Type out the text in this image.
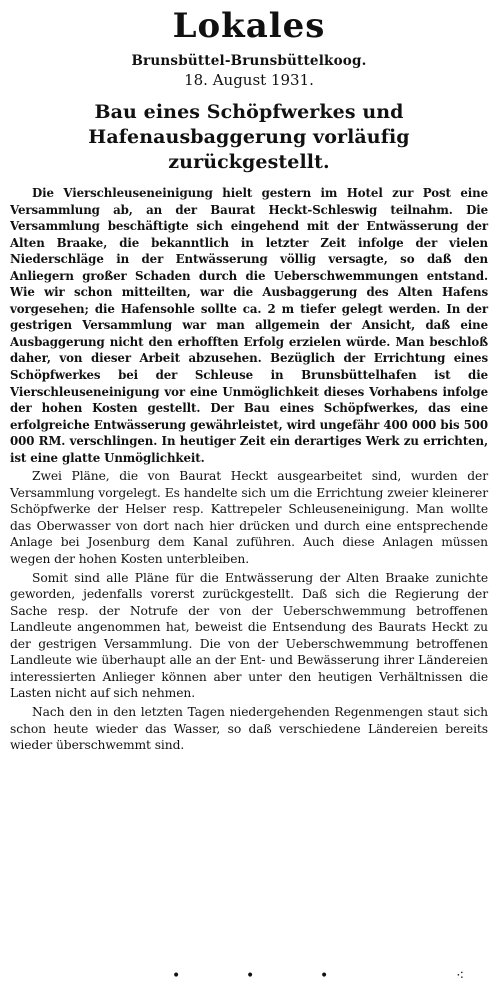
Lokales
Brunsbüttel-Brunsbüttelkoog.
18. August 1931.
Bau eines Schöpfwerkes und
Hafenausbaggerung vorläufig zurückgestellt.

Die Vierschleuseneinigung hielt gestern im Hotel zur Post eine Versammlung ab, an der Baurat Heckt-Schleswig teilnahm. Die Versammlung beschäftigte sich eingehend mit der Entwässerung der Alten Braake, die bekanntlich in letzter Zeit infolge der vielen Niederschläge in der Entwässerung völlig versagte, so daß den Anliegern großer Schaden durch die Ueberschwemmungen entstand. Wie wir schon mitteilten, war die Ausbaggerung des Alten Hafens vorgesehen; die Hafensohle sollte ca. 2 m tiefer gelegt werden. In der gestrigen Versammlung war man allgemein der Ansicht, daß eine Ausbaggerung nicht den erhofften Erfolg erzielen würde. Man beschloß daher, von dieser Arbeit abzusehen. Bezüglich der Errichtung eines Schöpfwerkes bei der Schleuse in Brunsbüttelhafen ist die Vierschleuseneinigung vor eine Unmöglichkeit dieses Vorhabens infolge der hohen Kosten gestellt. Der Bau eines Schöpfwerkes, das eine erfolgreiche Entwässerung gewährleistet, wird ungefähr 400 000 bis 500 000 RM. verschlingen. In heutiger Zeit ein derartiges Werk zu errichten, ist eine glatte Unmöglichkeit.

Zwei Pläne, die von Baurat Heckt ausgearbeitet sind, wurden der Versammlung vorgelegt. Es handelte sich um die Errichtung zweier kleinerer Schöpfwerke der Helser resp. Kattrepeler Schleuseneinigung. Man wollte das Oberwasser von dort nach hier drücken und durch eine entsprechende Anlage bei Josenburg dem Kanal zuführen. Auch diese Anlagen müssen wegen der hohen Kosten unterbleiben.

Somit sind alle Pläne für die Entwässerung der Alten Braake zunichte geworden, jedenfalls vorerst zurückgestellt. Daß sich die Regierung der Sache resp. der Notrufe der von der Ueberschwemmung betroffenen Landleute angenommen hat, beweist die Entsendung des Baurats Heckt zu der gestrigen Versammlung. Die von der Ueberschwemmung betroffenen Landleute wie überhaupt alle an der Ent- und Bewässerung ihrer Ländereien interessierten Anlieger können aber unter den heutigen Verhältnissen die Lasten nicht auf sich nehmen.

Nach den in den letzten Tagen niedergehenden Regenmengen staut sich schon heute wieder das Wasser, so daß verschiedene Ländereien bereits wieder überschwemmt sind.

•	•	•	⁖
